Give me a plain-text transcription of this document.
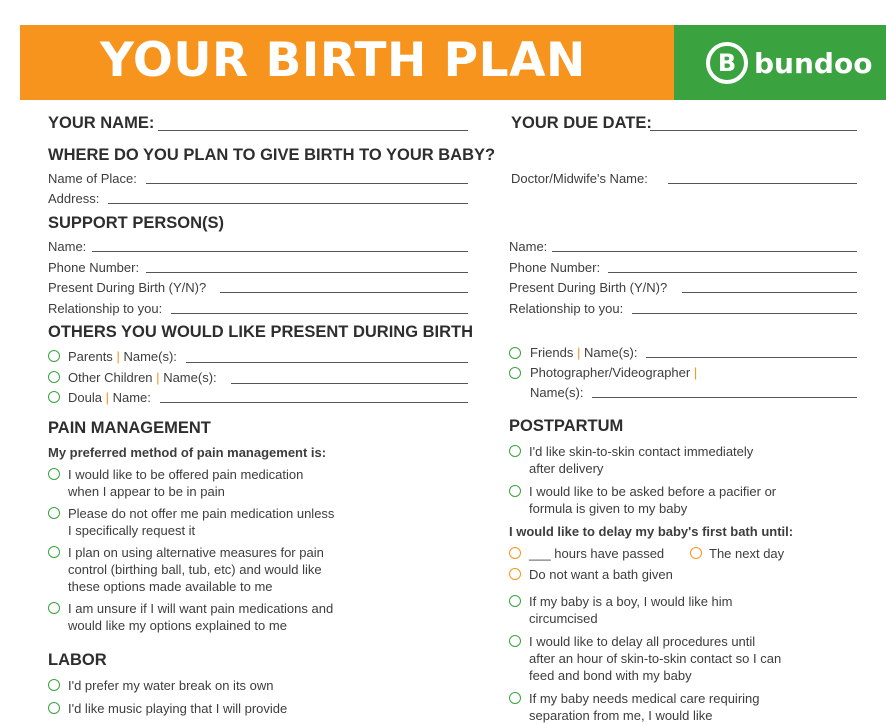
YOUR BIRTH PLAN	B bundoo
YOUR NAME:	YOUR DUE DATE:
WHERE DO YOU PLAN TO GIVE BIRTH TO YOUR BABY?
Name of Place:
Address:
Doctor/Midwife's Name:
SUPPORT PERSON(S)
Name:
Phone Number:
Present During Birth (Y/N)?
Relationship to you:
Name:
Phone Number:
Present During Birth (Y/N)?
Relationship to you:
OTHERS YOU WOULD LIKE PRESENT DURING BIRTH
Parents | Name(s):
Other Children | Name(s):
Doula | Name:
Friends | Name(s):
Photographer/Videographer |
Name(s):
PAIN MANAGEMENT
My preferred method of pain management is:
I would like to be offered pain medication
when I appear to be in pain
Please do not offer me pain medication unless
I specifically request it
I plan on using alternative measures for pain
control (birthing ball, tub, etc) and would like
these options made available to me
I am unsure if I will want pain medications and
would like my options explained to me
LABOR
I'd prefer my water break on its own
I'd like music playing that I will provide
POSTPARTUM
I'd like skin-to-skin contact immediately
after delivery
I would like to be asked before a pacifier or
formula is given to my baby
I would like to delay my baby's first bath until:
___ hours have passed	The next day
Do not want a bath given
If my baby is a boy, I would like him
circumcised
I would like to delay all procedures until
after an hour of skin-to-skin contact so I can
feed and bond with my baby
If my baby needs medical care requiring
separation from me, I would like
